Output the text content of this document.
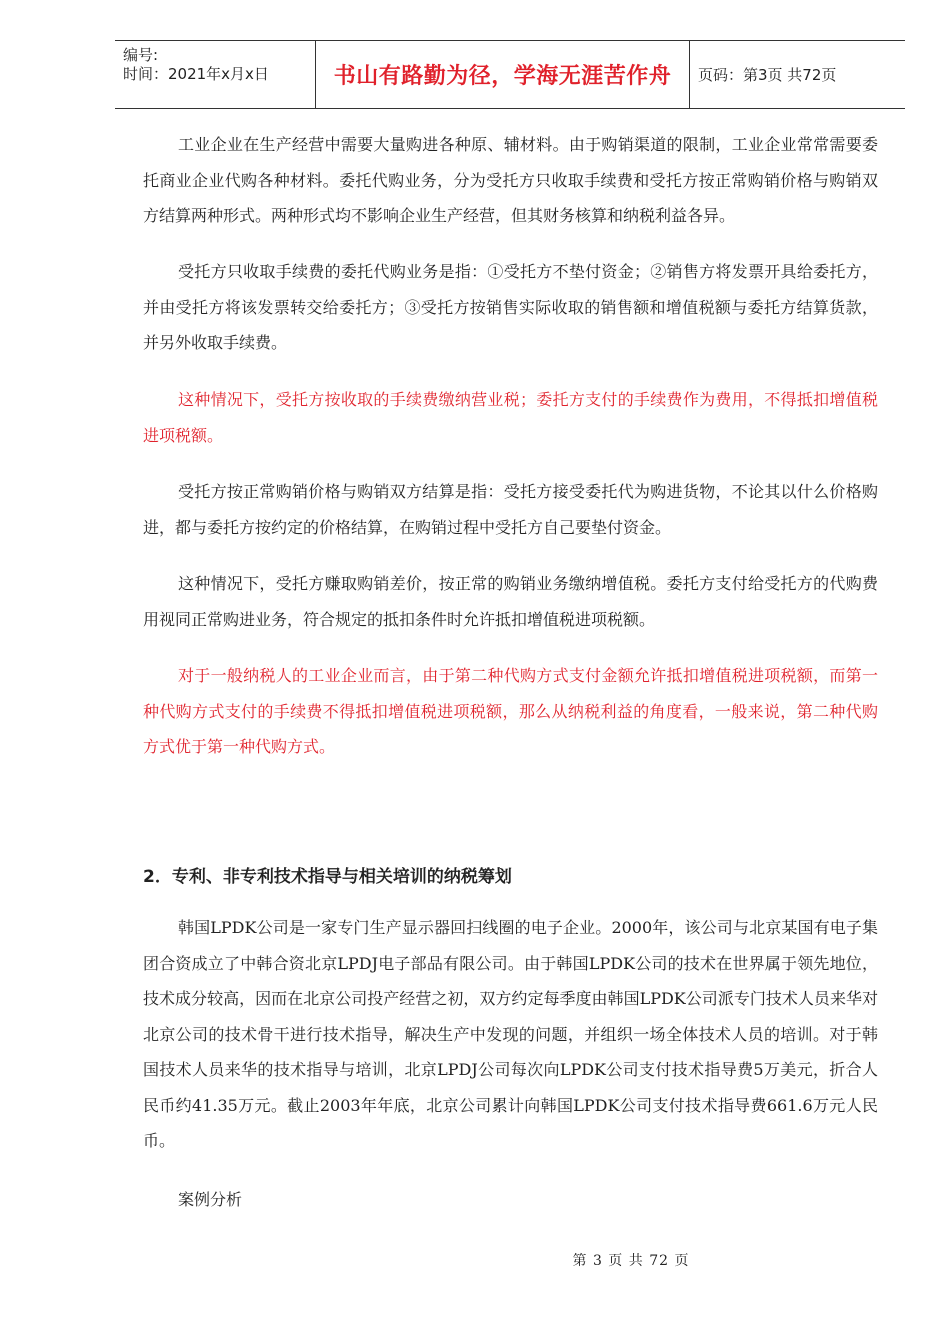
编号:
时间：2021年x月x日	书山有路勤为径，学海无涯苦作舟	页码：第3页 共72页

工业企业在生产经营中需要大量购进各种原、辅材料。由于购销渠道的限制，工业企业常常需要委托商业企业代购各种材料。委托代购业务，分为受托方只收取手续费和受托方按正常购销价格与购销双方结算两种形式。两种形式均不影响企业生产经营，但其财务核算和纳税利益各异。

受托方只收取手续费的委托代购业务是指：①受托方不垫付资金；②销售方将发票开具给委托方，并由受托方将该发票转交给委托方；③受托方按销售实际收取的销售额和增值税额与委托方结算货款，并另外收取手续费。

这种情况下，受托方按收取的手续费缴纳营业税；委托方支付的手续费作为费用，不得抵扣增值税进项税额。

受托方按正常购销价格与购销双方结算是指：受托方接受委托代为购进货物，不论其以什么价格购进，都与委托方按约定的价格结算，在购销过程中受托方自己要垫付资金。

这种情况下，受托方赚取购销差价，按正常的购销业务缴纳增值税。委托方支付给受托方的代购费用视同正常购进业务，符合规定的抵扣条件时允许抵扣增值税进项税额。

对于一般纳税人的工业企业而言，由于第二种代购方式支付金额允许抵扣增值税进项税额，而第一种代购方式支付的手续费不得抵扣增值税进项税额，那么从纳税利益的角度看，一般来说，第二种代购方式优于第一种代购方式。

2．专利、非专利技术指导与相关培训的纳税筹划

韩国LPDK公司是一家专门生产显示器回扫线圈的电子企业。2000年，该公司与北京某国有电子集团合资成立了中韩合资北京LPDJ电子部品有限公司。由于韩国LPDK公司的技术在世界属于领先地位，技术成分较高，因而在北京公司投产经营之初，双方约定每季度由韩国LPDK公司派专门技术人员来华对北京公司的技术骨干进行技术指导，解决生产中发现的问题，并组织一场全体技术人员的培训。对于韩国技术人员来华的技术指导与培训，北京LPDJ公司每次向LPDK公司支付技术指导费5万美元，折合人民币约41.35万元。截止2003年年底，北京公司累计向韩国LPDK公司支付技术指导费661.6万元人民币。

案例分析

第 3 页 共 72 页
